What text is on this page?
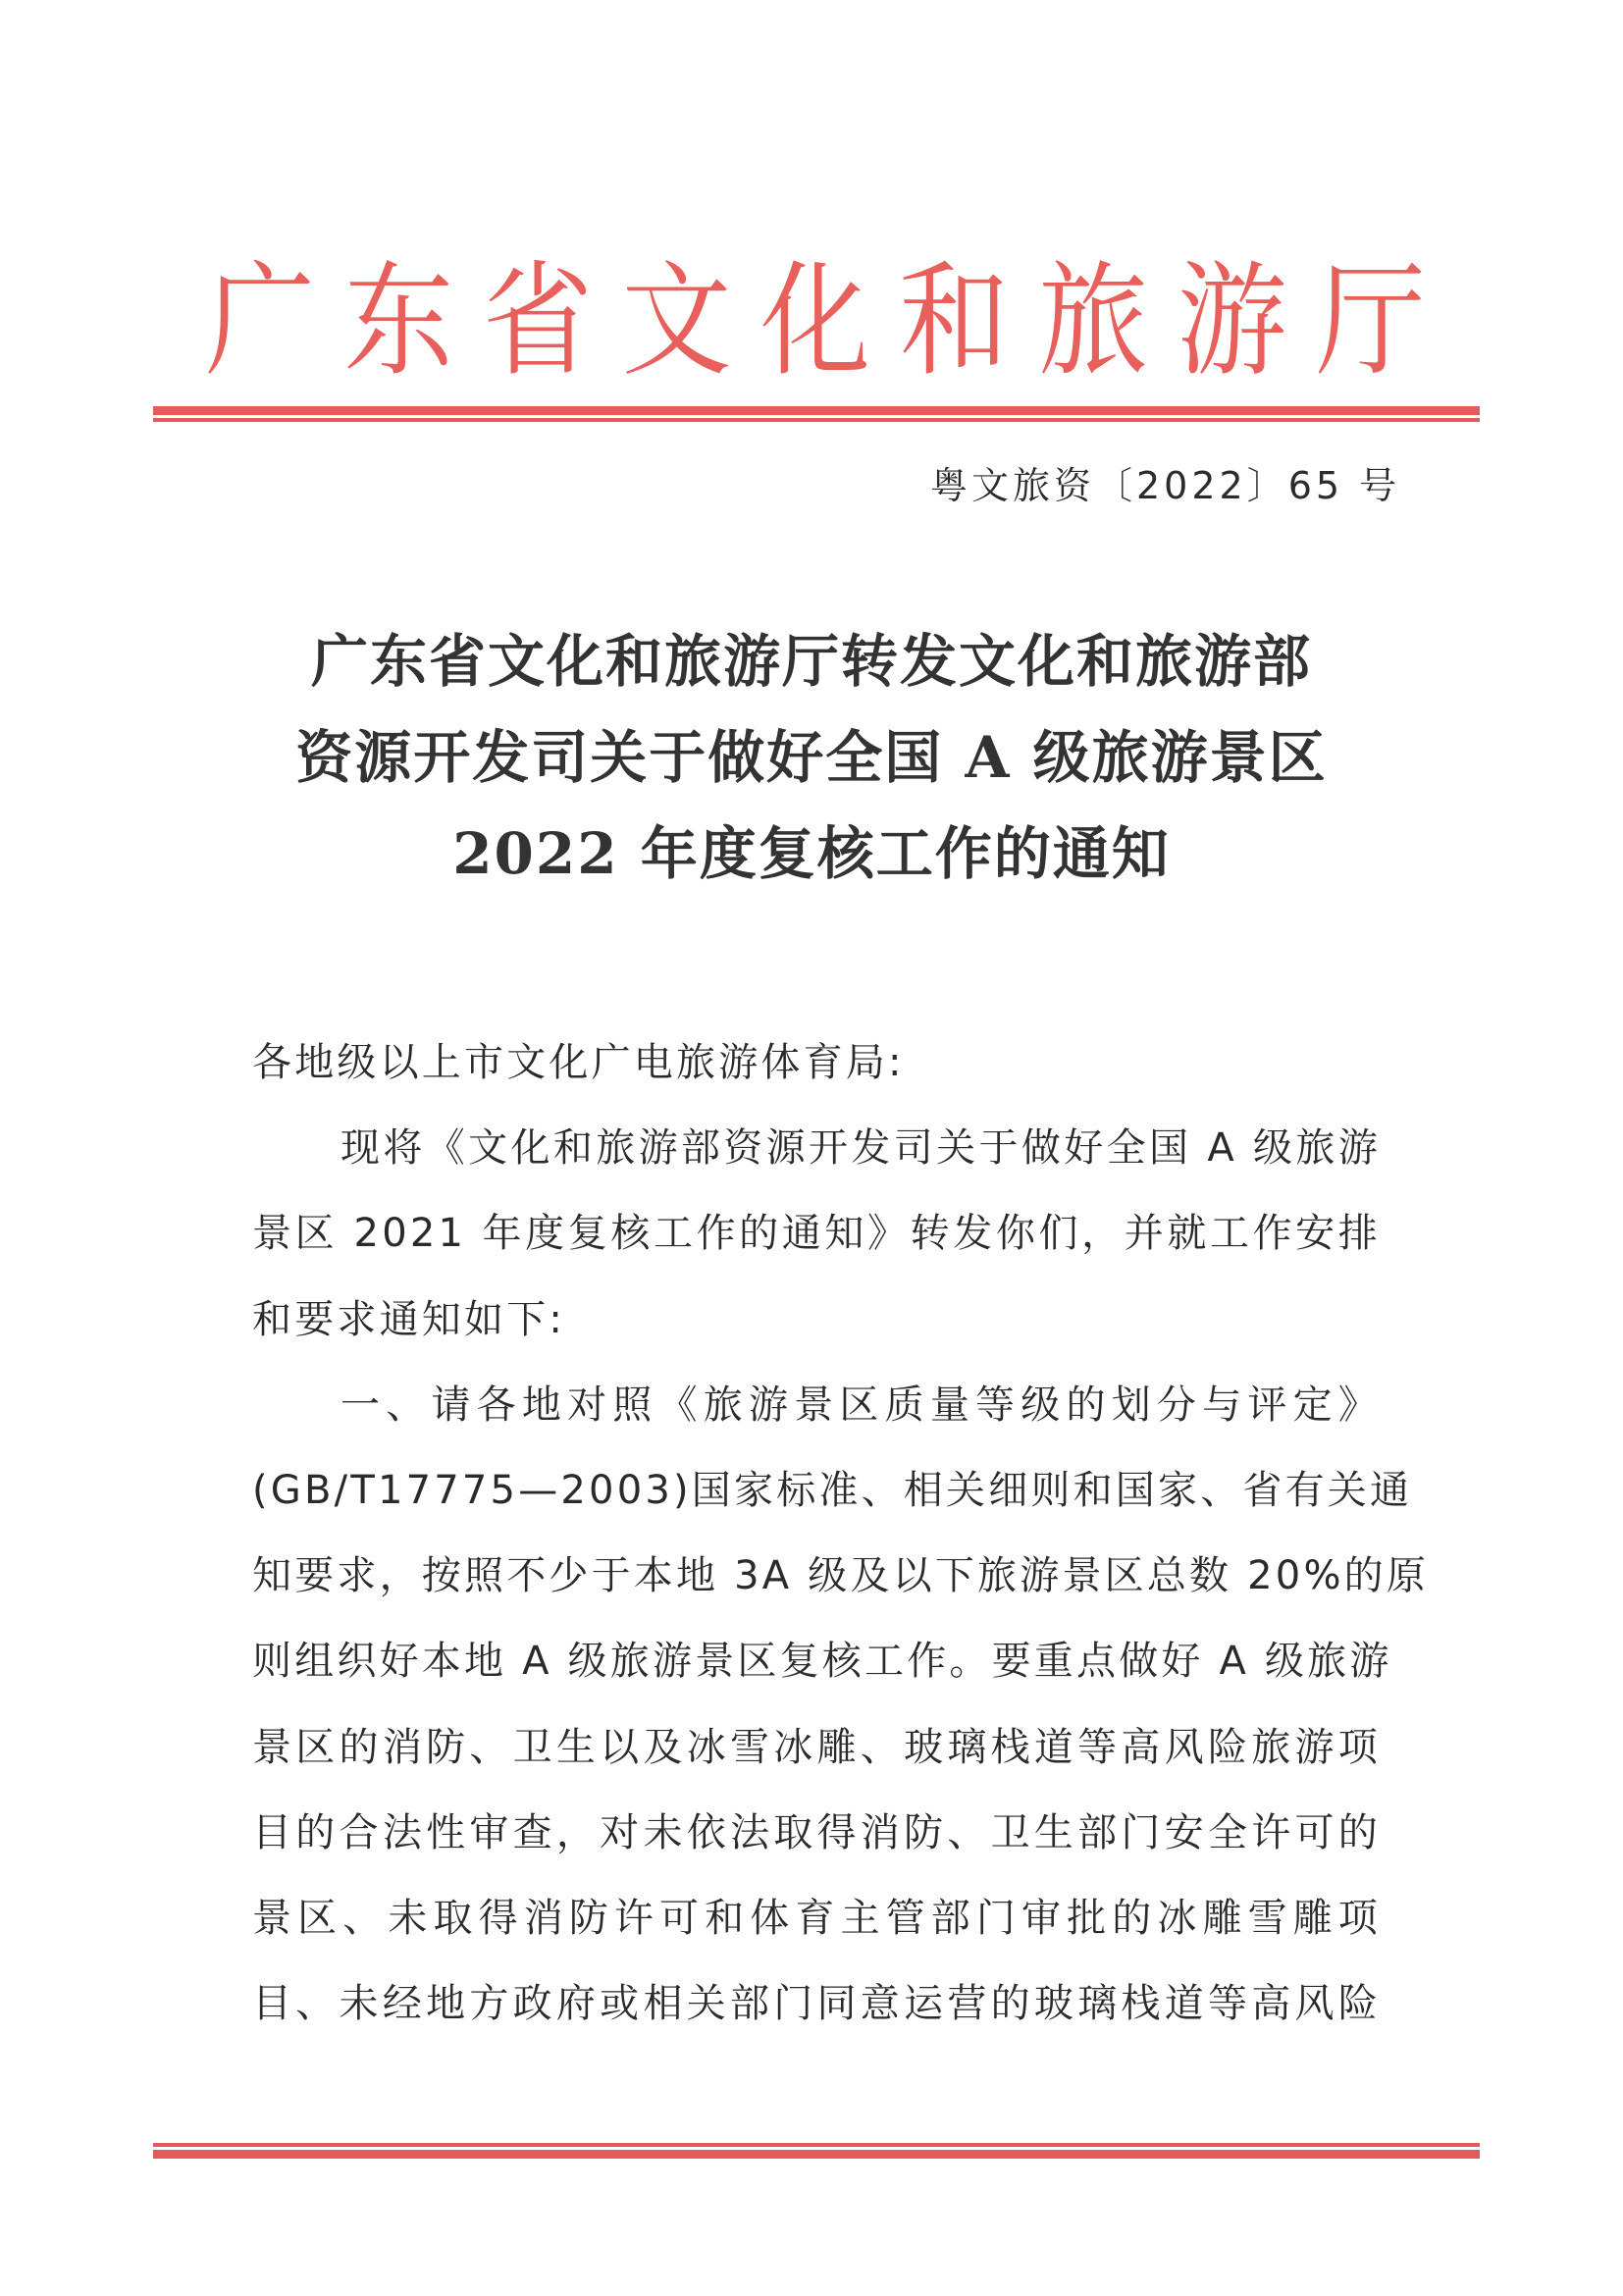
广 东 省 文 化 和 旅 游 厅
粤文旅资〔2022〕65 号
广东省文化和旅游厅转发文化和旅游部
资源开发司关于做好全国 A 级旅游景区
2022 年度复核工作的通知
各地级以上市文化广电旅游体育局:
现将《文化和旅游部资源开发司关于做好全国 A 级旅游
景区 2021 年度复核工作的通知》转发你们，并就工作安排
和要求通知如下:
一、请各地对照《旅游景区质量等级的划分与评定》
(GB/T17775—2003)国家标准、相关细则和国家、省有关通
知要求，按照不少于本地 3A 级及以下旅游景区总数 20%的原
则组织好本地 A 级旅游景区复核工作。要重点做好 A 级旅游
景区的消防、卫生以及冰雪冰雕、玻璃栈道等高风险旅游项
目的合法性审查，对未依法取得消防、卫生部门安全许可的
景区、未取得消防许可和体育主管部门审批的冰雕雪雕项
目、未经地方政府或相关部门同意运营的玻璃栈道等高风险
